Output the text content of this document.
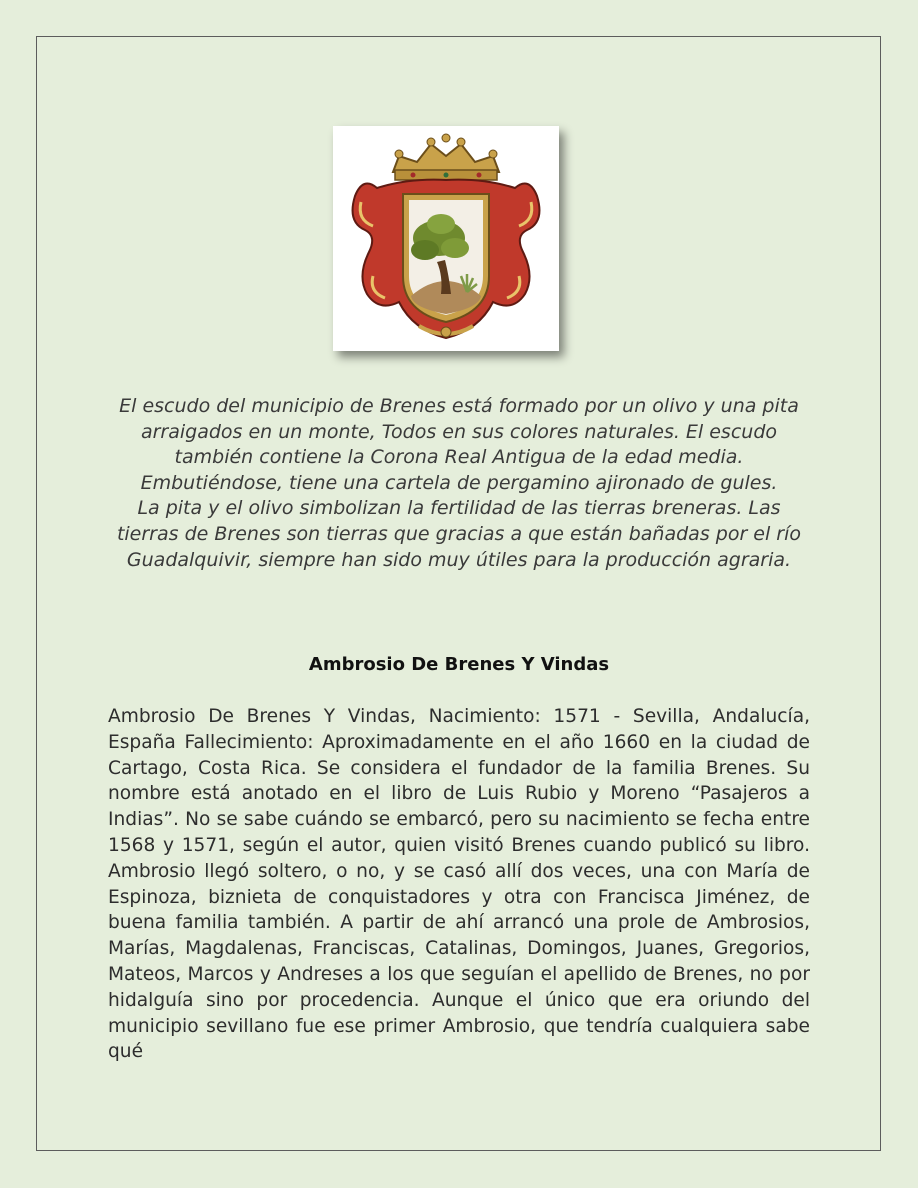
El escudo del municipio de Brenes está formado por un olivo y una pita arraigados en un monte, Todos en sus colores naturales. El escudo también contiene la Corona Real Antigua de la edad media. Embutiéndose, tiene una cartela de pergamino ajironado de gules.

La pita y el olivo simbolizan la fertilidad de las tierras breneras. Las tierras de Brenes son tierras que gracias a que están bañadas por el río Guadalquivir, siempre han sido muy útiles para la producción agraria.

Ambrosio De Brenes Y Vindas

Ambrosio De Brenes Y Vindas, Nacimiento: 1571 - Sevilla, Andalucía, España Fallecimiento: Aproximadamente en el año 1660 en la ciudad de Cartago, Costa Rica. Se considera el fundador de la familia Brenes. Su nombre está anotado en el libro de Luis Rubio y Moreno “Pasajeros a Indias”. No se sabe cuándo se embarcó, pero su nacimiento se fecha entre 1568 y 1571, según el autor, quien visitó Brenes cuando publicó su libro. Ambrosio llegó soltero, o no, y se casó allí dos veces, una con María de Espinoza, biznieta de conquistadores y otra con Francisca Jiménez, de buena familia también. A partir de ahí arrancó una prole de Ambrosios, Marías, Magdalenas, Franciscas, Catalinas, Domingos, Juanes, Gregorios, Mateos, Marcos y Andreses a los que seguían el apellido de Brenes, no por hidalguía sino por procedencia. Aunque el único que era oriundo del municipio sevillano fue ese primer Ambrosio, que tendría cualquiera sabe qué
